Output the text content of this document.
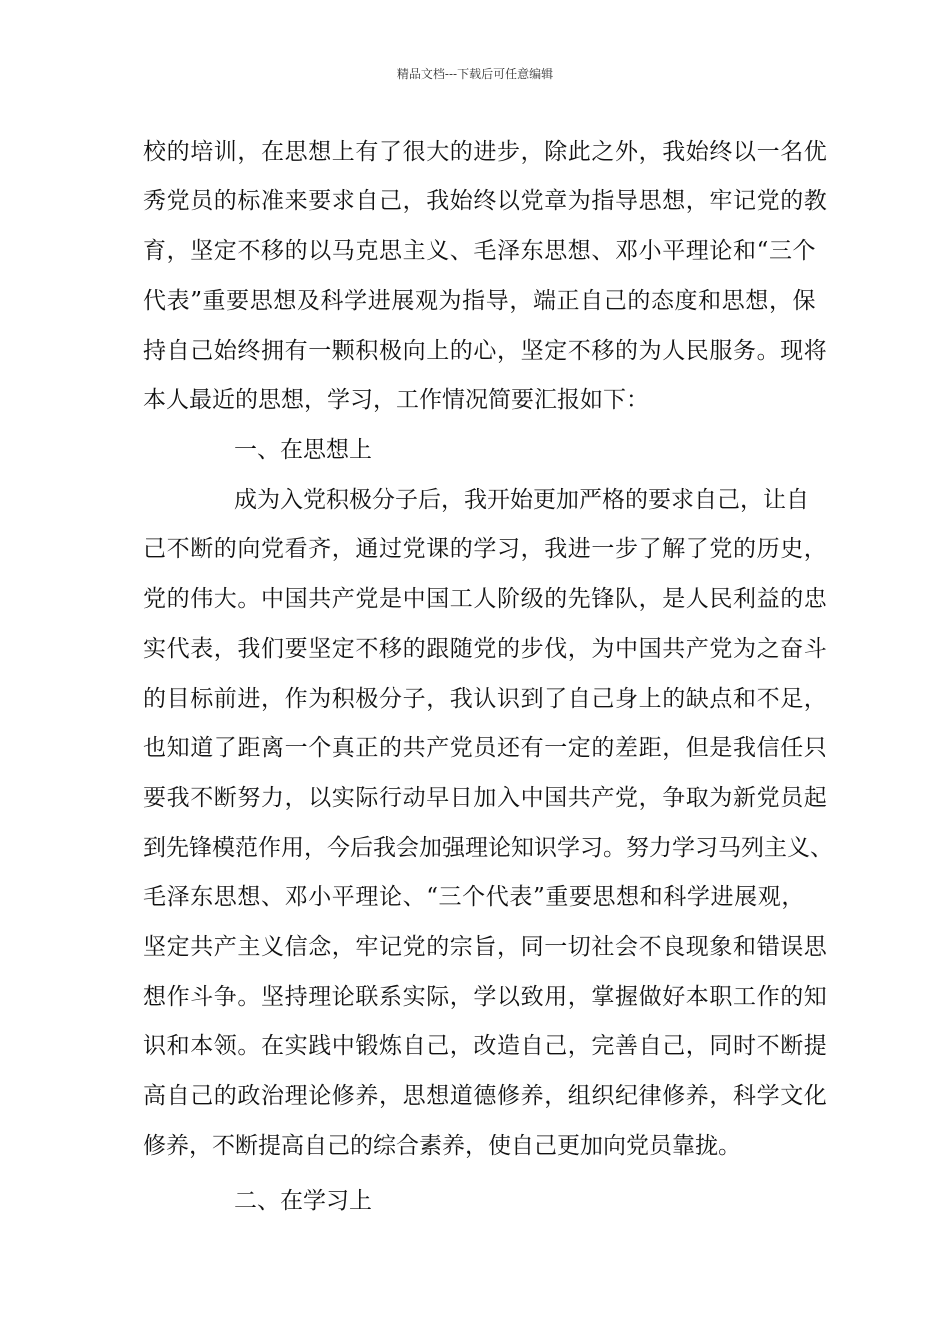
精品文档---下载后可任意编辑
校的培训，在思想上有了很大的进步，除此之外，我始终以一名优
秀党员的标准来要求自己，我始终以党章为指导思想，牢记党的教
育，坚定不移的以马克思主义、毛泽东思想、邓小平理论和“三个
代表”重要思想及科学进展观为指导，端正自己的态度和思想，保
持自己始终拥有一颗积极向上的心，坚定不移的为人民服务。现将
本人最近的思想，学习，工作情况简要汇报如下：
一、在思想上
成为入党积极分子后，我开始更加严格的要求自己，让自
己不断的向党看齐，通过党课的学习，我进一步了解了党的历史，
党的伟大。中国共产党是中国工人阶级的先锋队，是人民利益的忠
实代表，我们要坚定不移的跟随党的步伐，为中国共产党为之奋斗
的目标前进，作为积极分子，我认识到了自己身上的缺点和不足，
也知道了距离一个真正的共产党员还有一定的差距，但是我信任只
要我不断努力，以实际行动早日加入中国共产党，争取为新党员起
到先锋模范作用，今后我会加强理论知识学习。努力学习马列主义、
毛泽东思想、邓小平理论、“三个代表”重要思想和科学进展观，
坚定共产主义信念，牢记党的宗旨，同一切社会不良现象和错误思
想作斗争。坚持理论联系实际，学以致用，掌握做好本职工作的知
识和本领。在实践中锻炼自己，改造自己，完善自己，同时不断提
高自己的政治理论修养，思想道德修养，组织纪律修养，科学文化
修养，不断提高自己的综合素养，使自己更加向党员靠拢。
二、在学习上
